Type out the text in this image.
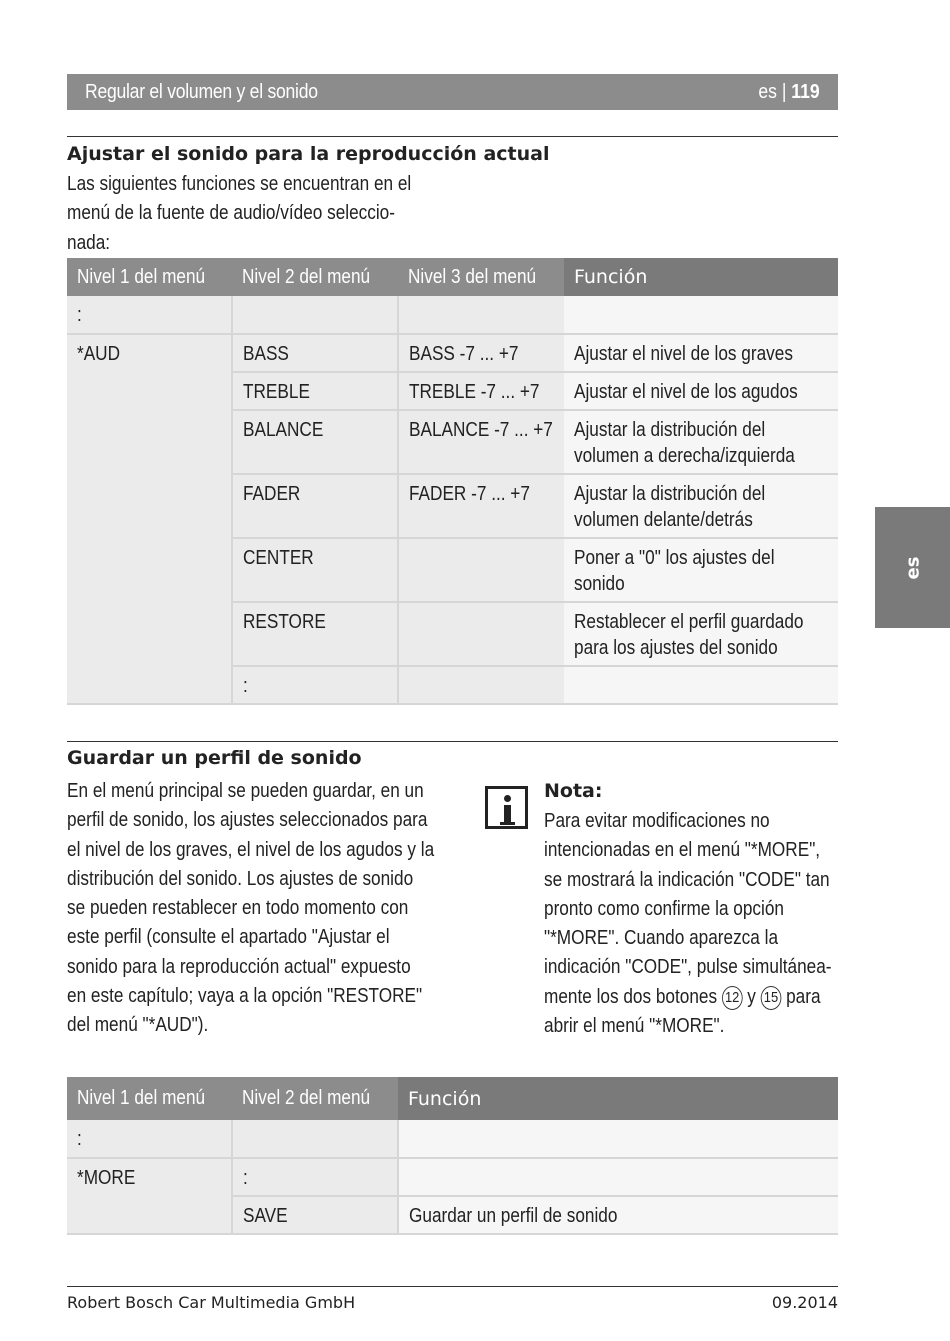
Regular el volumen y el sonido	es | 119
Ajustar el sonido para la reproducción actual
Las siguientes funciones se encuentran en el
menú de la fuente de audio/vídeo seleccio-
nada:
Nivel 1 del menú	Nivel 2 del menú	Nivel 3 del menú	Función
:			
*AUD	BASS	BASS -7 ... +7	Ajustar el nivel de los graves
	TREBLE	TREBLE -7 ... +7	Ajustar el nivel de los agudos
	BALANCE	BALANCE -7 ... +7	Ajustar la distribución del
volumen a derecha/izquierda
	FADER	FADER -7 ... +7	Ajustar la distribución del
volumen delante/detrás
	CENTER		Poner a "0" los ajustes del
sonido
	RESTORE		Restablecer el perfil guardado
para los ajustes del sonido
	:		
es
Guardar un perfil de sonido
En el menú principal se pueden guardar, en un
perfil de sonido, los ajustes seleccionados para
el nivel de los graves, el nivel de los agudos y la
distribución del sonido. Los ajustes de sonido
se pueden restablecer en todo momento con
este perfil (consulte el apartado "Ajustar el
sonido para la reproducción actual" expuesto
en este capítulo; vaya a la opción "RESTORE"
del menú "*AUD").
Nota:
Para evitar modificaciones no
intencionadas en el menú "*MORE",
se mostrará la indicación "CODE" tan
pronto como confirme la opción
"*MORE". Cuando aparezca la
indicación "CODE", pulse simultánea-
mente los dos botones 12 y 15 para
abrir el menú "*MORE".
Nivel 1 del menú	Nivel 2 del menú	Función
:		
*MORE	:	
	SAVE	Guardar un perfil de sonido
Robert Bosch Car Multimedia GmbH	09.2014
